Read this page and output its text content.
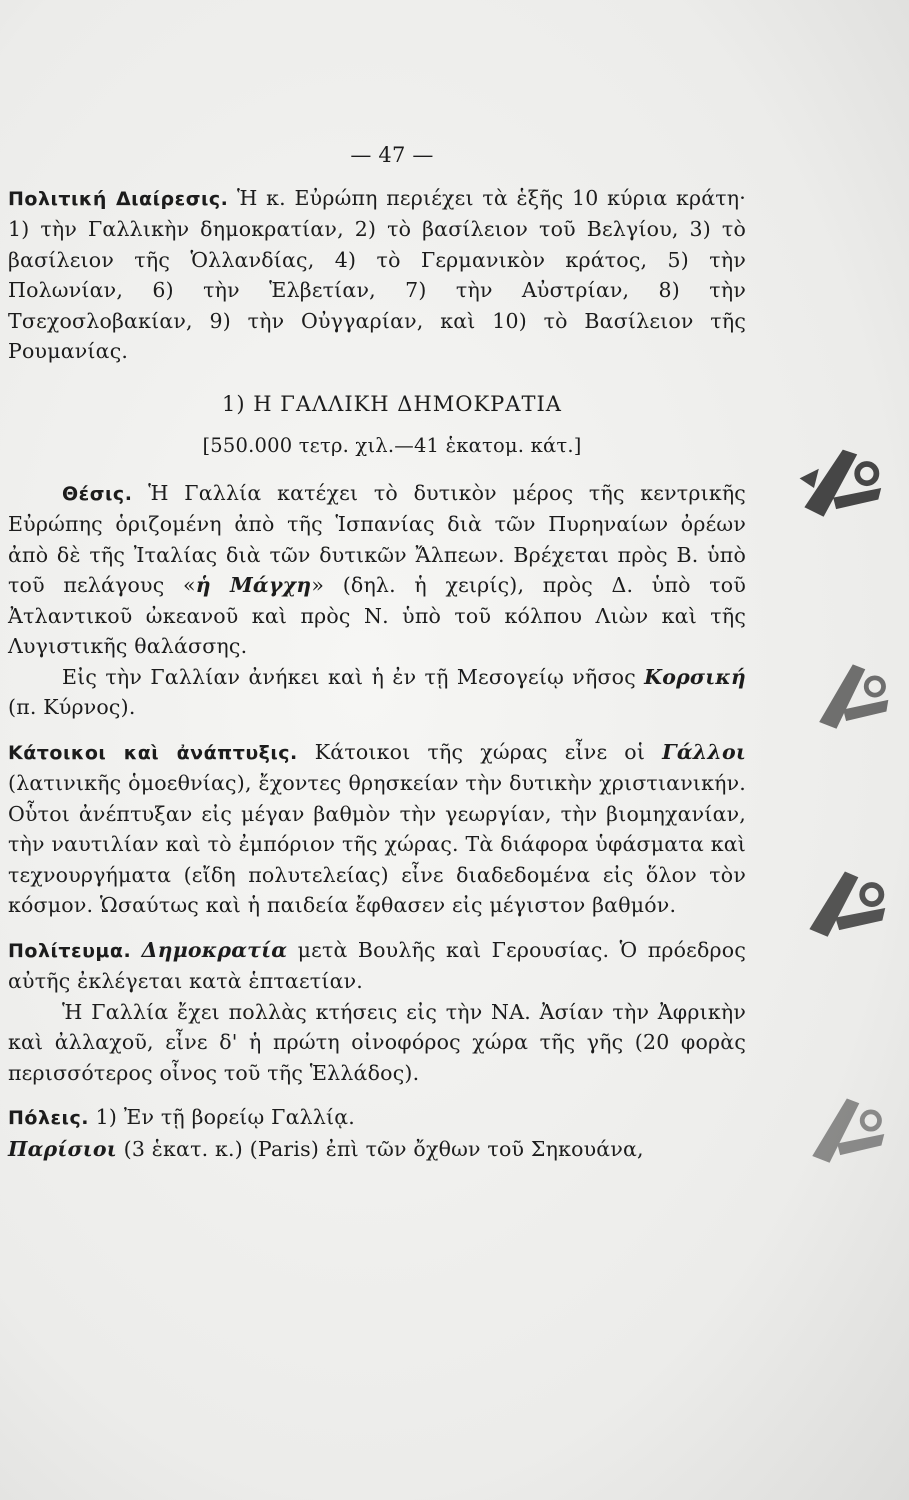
— 47 —

Πολιτική Διαίρεσις. Ἡ κ. Εὐρώπη περιέχει τὰ ἑξῆς 10 κύρια κράτη· 1) τὴν Γαλλικὴν δημοκρατίαν, 2) τὸ βασίλειον τοῦ Βελγίου, 3) τὸ βασίλειον τῆς Ὁλλανδίας, 4) τὸ Γερμανικὸν κράτος, 5) τὴν Πολωνίαν, 6) τὴν Ἑλβετίαν, 7) τὴν Αὐστρίαν, 8) τὴν Τσεχοσλοβακίαν, 9) τὴν Οὐγγαρίαν, καὶ 10) τὸ Βασίλειον τῆς Ρουμανίας.

1) Η ΓΑΛΛΙΚΗ ΔΗΜΟΚΡΑΤΙΑ
[550.000 τετρ. χιλ.—41 ἑκατομ. κάτ.]

Θέσις. Ἡ Γαλλία κατέχει τὸ δυτικὸν μέρος τῆς κεντρικῆς Εὐρώπης ὁριζομένη ἀπὸ τῆς Ἱσπανίας διὰ τῶν Πυρηναίων ὀρέων ἀπὸ δὲ τῆς Ἰταλίας διὰ τῶν δυτικῶν Ἄλπεων. Βρέχεται πρὸς Β. ὑπὸ τοῦ πελάγους «ἡ Μάγχη» (δηλ. ἡ χειρίς), πρὸς Δ. ὑπὸ τοῦ Ἀτλαντικοῦ ὠκεανοῦ καὶ πρὸς Ν. ὑπὸ τοῦ κόλπου Λιὼν καὶ τῆς Λυγιστικῆς θαλάσσης.

Εἰς τὴν Γαλλίαν ἀνήκει καὶ ἡ ἐν τῇ Μεσογείῳ νῆσος Κορσική (π. Κύρνος).

Κάτοικοι καὶ ἀνάπτυξις. Κάτοικοι τῆς χώρας εἶνε οἱ Γάλλοι (λατινικῆς ὁμοεθνίας), ἔχοντες θρησκείαν τὴν δυτικὴν χριστιανικήν. Οὗτοι ἀνέπτυξαν εἰς μέγαν βαθμὸν τὴν γεωργίαν, τὴν βιομηχανίαν, τὴν ναυτιλίαν καὶ τὸ ἐμπόριον τῆς χώρας. Τὰ διάφορα ὑφάσματα καὶ τεχνουργήματα (εἴδη πολυτελείας) εἶνε διαδεδομένα εἰς ὅλον τὸν κόσμον. Ὡσαύτως καὶ ἡ παιδεία ἔφθασεν εἰς μέγιστον βαθμόν.

Πολίτευμα. Δημοκρατία μετὰ Βουλῆς καὶ Γερουσίας. Ὁ πρόεδρος αὐτῆς ἐκλέγεται κατὰ ἑπταετίαν.

Ἡ Γαλλία ἔχει πολλὰς κτήσεις εἰς τὴν ΝΑ. Ἀσίαν τὴν Ἀφρικὴν καὶ ἀλλαχοῦ, εἶνε δ' ἡ πρώτη οἰνοφόρος χώρα τῆς γῆς (20 φορὰς περισσότερος οἶνος τοῦ τῆς Ἑλλάδος).

Πόλεις. 1) Ἐν τῇ βορείῳ Γαλλίᾳ.

Παρίσιοι (3 ἑκατ. κ.) (Paris) ἐπὶ τῶν ὄχθων τοῦ Σηκουάνα,
